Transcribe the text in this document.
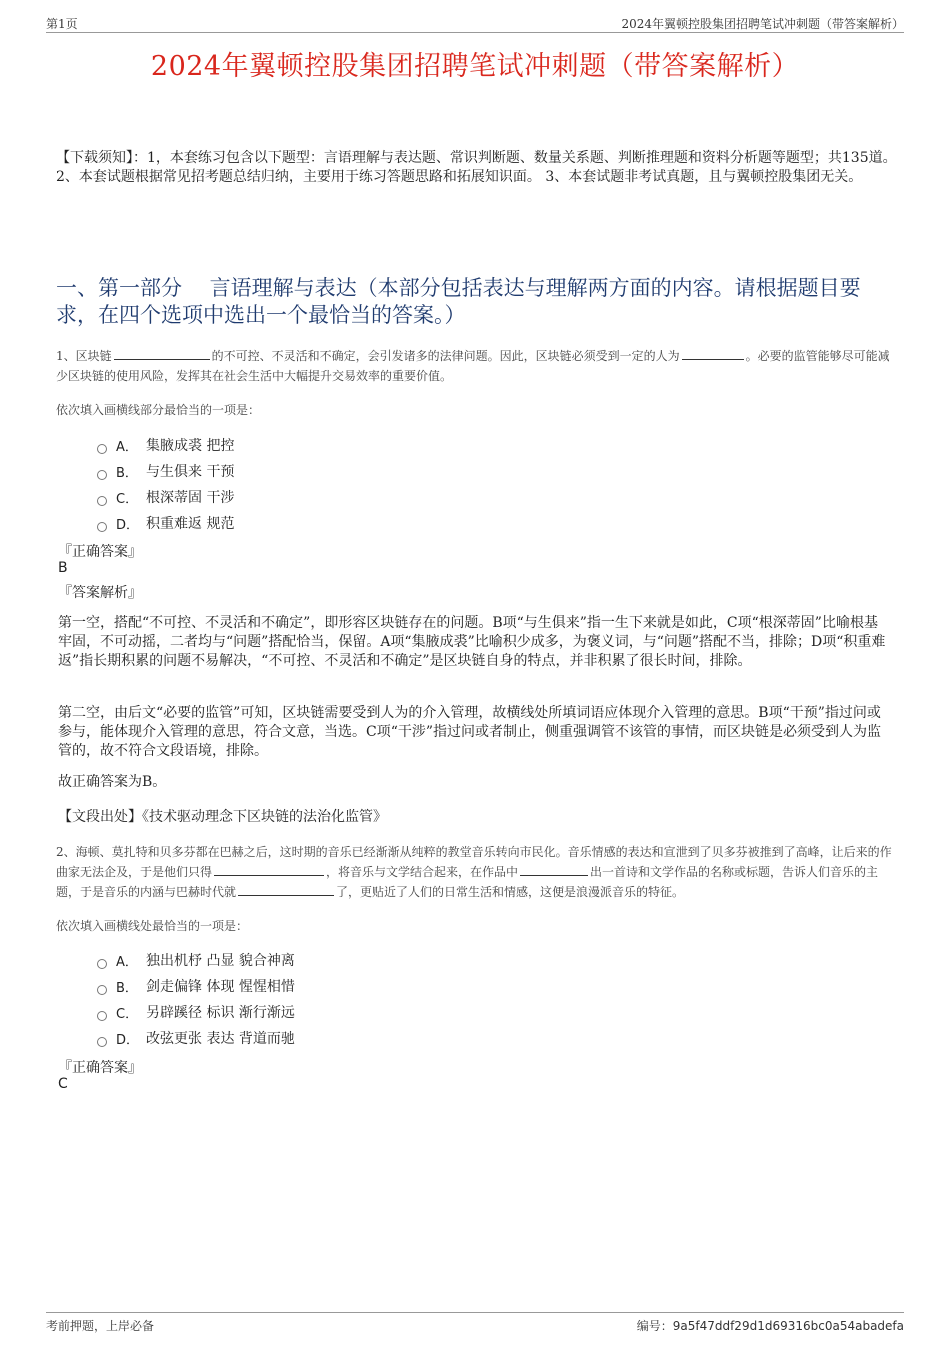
第1页	2024年翼顿控股集团招聘笔试冲刺题（带答案解析）
2024年翼顿控股集团招聘笔试冲刺题（带答案解析）
【下载须知】：1，本套练习包含以下题型：言语理解与表达题、常识判断题、数量关系题、判断推理题和资料分析题等题型；共135道。 2、本套试题根据常见招考题总结归纳，主要用于练习答题思路和拓展知识面。 3、本套试题非考试真题，且与翼顿控股集团无关。
一、第一部分　 言语理解与表达（本部分包括表达与理解两方面的内容。请根据题目要求，在四个选项中选出一个最恰当的答案。）
1、区块链	的不可控、不灵活和不确定，会引发诸多的法律问题。因此，区块链必须受到一定的人为	。必要的监管能够尽可能减少区块链的使用风险，发挥其在社会生活中大幅提升交易效率的重要价值。
依次填入画横线部分最恰当的一项是：
A． 集腋成裘 把控
B． 与生俱来 干预
C． 根深蒂固 干涉
D． 积重难返 规范
『正确答案』
B
『答案解析』
第一空，搭配“不可控、不灵活和不确定”，即形容区块链存在的问题。B项“与生俱来”指一生下来就是如此，C项“根深蒂固”比喻根基牢固，不可动摇，二者均与“问题”搭配恰当，保留。A项“集腋成裘”比喻积少成多，为褒义词，与“问题”搭配不当，排除；D项“积重难返”指长期积累的问题不易解决，“不可控、不灵活和不确定”是区块链自身的特点，并非积累了很长时间，排除。
第二空，由后文“必要的监管”可知，区块链需要受到人为的介入管理，故横线处所填词语应体现介入管理的意思。B项“干预”指过问或参与，能体现介入管理的意思，符合文意，当选。C项“干涉”指过问或者制止，侧重强调管不该管的事情，而区块链是必须受到人为监管的，故不符合文段语境，排除。
故正确答案为B。
【文段出处】《技术驱动理念下区块链的法治化监管》
2、海顿、莫扎特和贝多芬都在巴赫之后，这时期的音乐已经渐渐从纯粹的教堂音乐转向市民化。音乐情感的表达和宣泄到了贝多芬被推到了高峰，让后来的作曲家无法企及，于是他们只得	，将音乐与文学结合起来，在作品中	出一首诗和文学作品的名称或标题，告诉人们音乐的主题，于是音乐的内涵与巴赫时代就	了，更贴近了人们的日常生活和情感，这便是浪漫派音乐的特征。
依次填入画横线处最恰当的一项是：
A． 独出机杼 凸显 貌合神离
B． 剑走偏锋 体现 惺惺相惜
C． 另辟蹊径 标识 渐行渐远
D． 改弦更张 表达 背道而驰
『正确答案』
C
考前押题，上岸必备	编号：9a5f47ddf29d1d69316bc0a54abadefa
